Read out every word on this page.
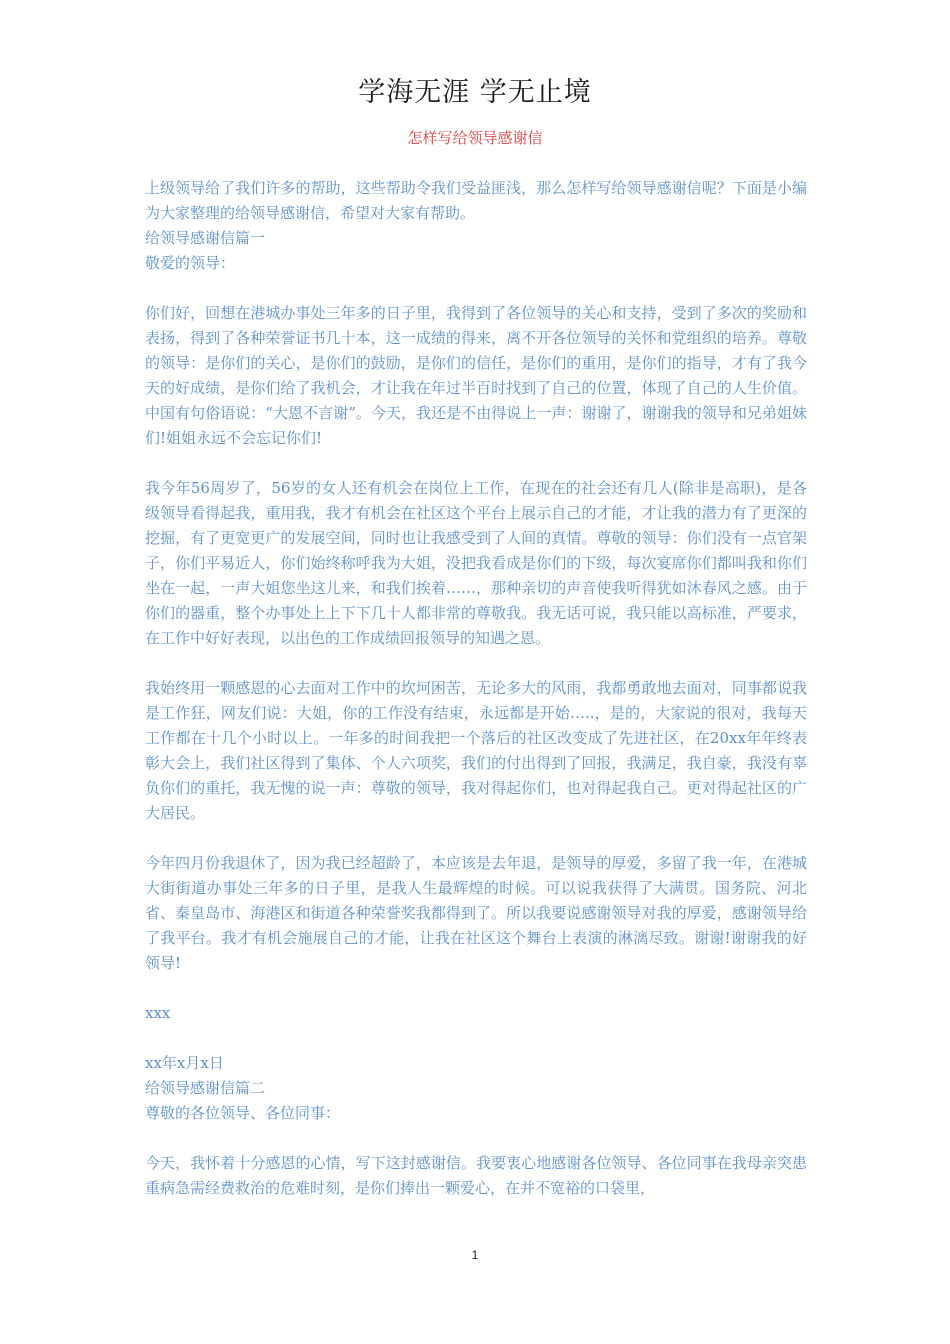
学海无涯 学无止境
怎样写给领导感谢信

上级领导给了我们许多的帮助，这些帮助令我们受益匪浅，那么怎样写给领导感谢信呢？下面是小编为大家整理的给领导感谢信，希望对大家有帮助。

给领导感谢信篇一

敬爱的领导：

你们好，回想在港城办事处三年多的日子里，我得到了各位领导的关心和支持，受到了多次的奖励和表扬，得到了各种荣誉证书几十本，这一成绩的得来，离不开各位领导的关怀和党组织的培养。尊敬的领导：是你们的关心，是你们的鼓励，是你们的信任，是你们的重用，是你们的指导，才有了我今天的好成绩，是你们给了我机会，才让我在年过半百时找到了自己的位置，体现了自己的人生价值。中国有句俗语说：“大恩不言谢”。今天，我还是不由得说上一声：谢谢了，谢谢我的领导和兄弟姐妹们!姐姐永远不会忘记你们!

我今年56周岁了，56岁的女人还有机会在岗位上工作，在现在的社会还有几人(除非是高职)，是各级领导看得起我，重用我，我才有机会在社区这个平台上展示自己的才能，才让我的潜力有了更深的挖掘，有了更宽更广的发展空间，同时也让我感受到了人间的真情。尊敬的领导：你们没有一点官架子，你们平易近人，你们始终称呼我为大姐，没把我看成是你们的下级，每次宴席你们都叫我和你们坐在一起，一声大姐您坐这儿来，和我们挨着……，那种亲切的声音使我听得犹如沐春风之感。由于你们的器重，整个办事处上上下下几十人都非常的尊敬我。我无话可说，我只能以高标准，严要求，在工作中好好表现，以出色的工作成绩回报领导的知遇之恩。

我始终用一颗感恩的心去面对工作中的坎坷困苦，无论多大的风雨，我都勇敢地去面对，同事都说我是工作狂，网友们说：大姐，你的工作没有结束，永远都是开始…..，是的，大家说的很对，我每天工作都在十几个小时以上。一年多的时间我把一个落后的社区改变成了先进社区，在20xx年年终表彰大会上，我们社区得到了集体、个人六项奖，我们的付出得到了回报，我满足，我自豪，我没有辜负你们的重托，我无愧的说一声：尊敬的领导，我对得起你们，也对得起我自己。更对得起社区的广大居民。

今年四月份我退休了，因为我已经超龄了，本应该是去年退，是领导的厚爱，多留了我一年，在港城大街街道办事处三年多的日子里，是我人生最辉煌的时候。可以说我获得了大满贯。国务院、河北省、秦皇岛市、海港区和街道各种荣誉奖我都得到了。所以我要说感谢领导对我的厚爱，感谢领导给了我平台。我才有机会施展自己的才能，让我在社区这个舞台上表演的淋漓尽致。谢谢!谢谢我的好领导!

xxx

xx年x月x日

给领导感谢信篇二

尊敬的各位领导、各位同事：

今天，我怀着十分感恩的心情，写下这封感谢信。我要衷心地感谢各位领导、各位同事在我母亲突患重病急需经费救治的危难时刻，是你们捧出一颗爱心，在并不宽裕的口袋里，

1
